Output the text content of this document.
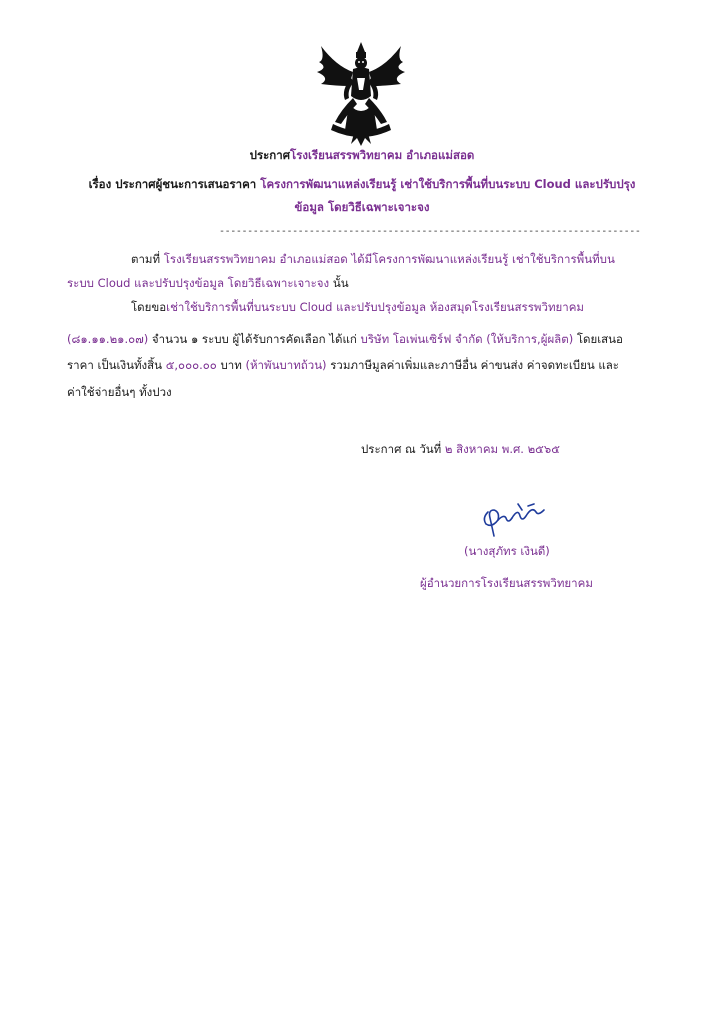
ประกาศโรงเรียนสรรพวิทยาคม อำเภอแม่สอด
เรื่อง ประกาศผู้ชนะการเสนอราคา โครงการพัฒนาแหล่งเรียนรู้ เช่าใช้บริการพื้นที่บนระบบ Cloud และปรับปรุง
ข้อมูล โดยวิธีเฉพาะเจาะจง
---------------------------------------------------------------------------
ตามที่ โรงเรียนสรรพวิทยาคม อำเภอแม่สอด ได้มีโครงการพัฒนาแหล่งเรียนรู้ เช่าใช้บริการพื้นที่บน
ระบบ Cloud และปรับปรุงข้อมูล โดยวิธีเฉพาะเจาะจง นั้น
โดยขอเช่าใช้บริการพื้นที่บนระบบ Cloud และปรับปรุงข้อมูล ห้องสมุดโรงเรียนสรรพวิทยาคม
(๘๑.๑๑.๒๑.๐๗) จำนวน ๑ ระบบ ผู้ได้รับการคัดเลือก ได้แก่ บริษัท โอเพ่นเซิร์ฟ จำกัด (ให้บริการ,ผู้ผลิต) โดยเสนอ
ราคา เป็นเงินทั้งสิ้น ๕,๐๐๐.๐๐ บาท (ห้าพันบาทถ้วน) รวมภาษีมูลค่าเพิ่มและภาษีอื่น ค่าขนส่ง ค่าจดทะเบียน และ
ค่าใช้จ่ายอื่นๆ ทั้งปวง
ประกาศ ณ วันที่ ๒ สิงหาคม พ.ศ. ๒๕๖๕
(นางสุภัทร เงินดี)
ผู้อำนวยการโรงเรียนสรรพวิทยาคม
